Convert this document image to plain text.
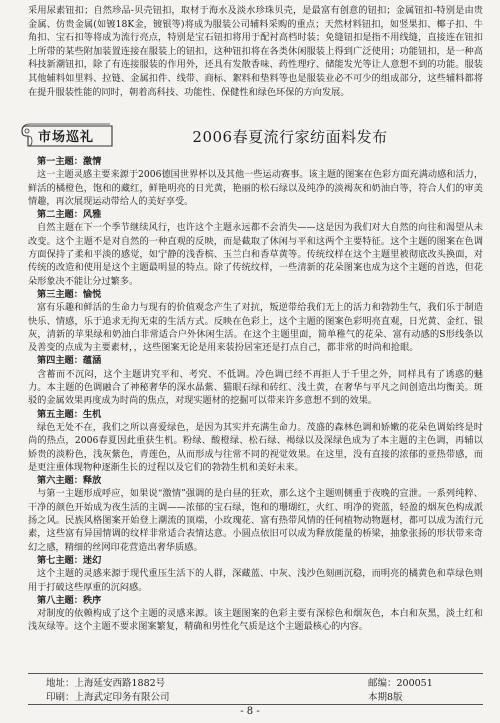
采用尿素钮扣；自然珍品-贝壳钮扣，取材于海水及淡水珍珠贝壳，是最富有创意的钮扣；金属钮扣-特别是由贵金属、仿贵金属(如镀18K金，镀银等)将成为服装公司辅料采购的重点；天然材料钮扣，如竖果扣、椰子扣、牛角扣、宝石扣等将成为流行亮点，特别是宝石钮扣将用于配衬高档时装；免缝钮扣是指不用线缝，直接连在钮扣上所带的某些附加装置连接在服装上的钮扣，这种钮扣将在各类休闲服装上得到广泛使用；功能钮扣，是一种高科技新潮钮扣，除了有连接服装的作用外，还具有发散香味、药性理疗、储能发光等让人意想不到的功能。服装其他辅料如里料、拉链、金属扣件、线带、商标、絮料和垫料等也是服装业必不可少的组成部分，这些辅料都将在提升服装性能的同时，朝着高科技、功能性、保健性和绿色环保的方向发展。
市场巡礼	2006春夏流行家纺面料发布
第一主题：激情
这一主题灵感主要来源于2006德国世界杯以及其他一些运动赛事。该主题的图案在色彩方面充满动感和活力，鲜活的橘橙色，饱和的藏红，鲜艳明亮的日光黄，艳丽的松石绿以及纯净的淡褐灰和奶油白等，符合人们的审美情趣，再次展现运动带给人的美好享受。
第二主题：风雅
自然主题在下一个季节继续风行，也许这个主题永远都不会消失——这是因为我们对大自然的向往和渴望从未改变。这个主题不是对自然的一种直观的反映，而是截取了休闲与平和这两个主要特征。这个主题的图案在色调方面保持了柔和平淡的感觉，如宁静的浅香槟、玉兰白和香草黄等。传统纹样在这个主题里被彻底改头换面，对传统的改造和使用是这个主题最明显的特点。除了传统纹样，一些清新的花朵图案也成为这个主题的首选，但花朵形象决不能让分过繁多。
第三主题：愉悦
富有乐趣和鲜活的生命力与现有的价值观念产生了对抗，叛逆带给我们无上的活力和勃勃生气，我们乐于制造快乐、情感，乐于追求无拘无束的生活方式。反映在色彩上，这个主题的图案色彩明亮直观，日光黄、金红、银灰，清新的苹果绿和奶油白非常适合户外休闲生活。在这个主题里面，简单稚气的花朵、富有动感的S形线条以及善变的点成为主要素材，，这些图案无论是用来装扮居室还是打点自己，都非常的时尚和抢眼。
第四主题：蕴涵
含蓄而不沉闷，这个主题讲究平和、考究、不低调。冷色调已经不再拒人于千里之外，同样具有了诱惑的魅力。本主题的色调融合了神秘奢华的深水晶紫、猫眼石绿和砖红、浅土黄，在奢华与平凡之间创造出均衡美。斑驳的金属效果再度成为时尚的焦点，对现实题材的挖掘可以带来许多意想不到的效果。
第五主题：生机
绿色无处不在，我们之所以喜爱绿色，是因为其实并充满生命力。茂盛的森林色调和娇嫩的花朵色调始终是时尚的热点，2006春夏因此重获生机。粉绿、酸橙绿、松石绿、褐绿以及深绿色成为了本主题的主色调，再辅以娇贵的淡粉色，浅灰紫色，青莲色，从而形成与往常不同的视觉效果。在这里，没有直接的浓郁的亚热带感，而是更注重体现物种逐渐生长的过程以及它们的勃勃生机和美好未来。
第六主题：释放
与第一主题形成呼应，如果说“激情”强调的是白昼的狂欢，那么这个主题则侧重于夜晚的宣泄。一系列纯粹、干净的颜色开始成为夜生活的主调——浓郁的宝石绿，饱和的珊瑚红，火红、明净的瓷蓝，轻盈的烟灰色构成派扬之风。民族风格图案开始登上潮流的顶端，小玫瑰花、富有热带风情的任何植物动物题材，都可以成为流行元素，这些富有异国情调的纹样非常适合表情达意。小圆点依旧可以成为释放能量的桥梁，抽象张扬的形状带来奇幻之感，精细的丝网印花营造出奢华质感。
第七主题：迷幻
这个主题的灵感来源于现代重压生活下的人群，深藏蓝、中灰、浅沙色刻画沉稳，而明亮的橘黄色和草绿色则用于打破这些厚重的沉闷感。
第八主题：秩序
对制度的依赖构成了这个主题的灵感来源。该主题图案的色彩主要有深棕色和烟灰色，本白和灰黑，淡土红和浅灰绿等。这个主题不要求图案繁复，精确和男性化气质是这个主题最核心的内容。
地址：上海延安西路1882号	邮编：200051
印刷：上海武定印务有限公司	本期8版
- 8 -
